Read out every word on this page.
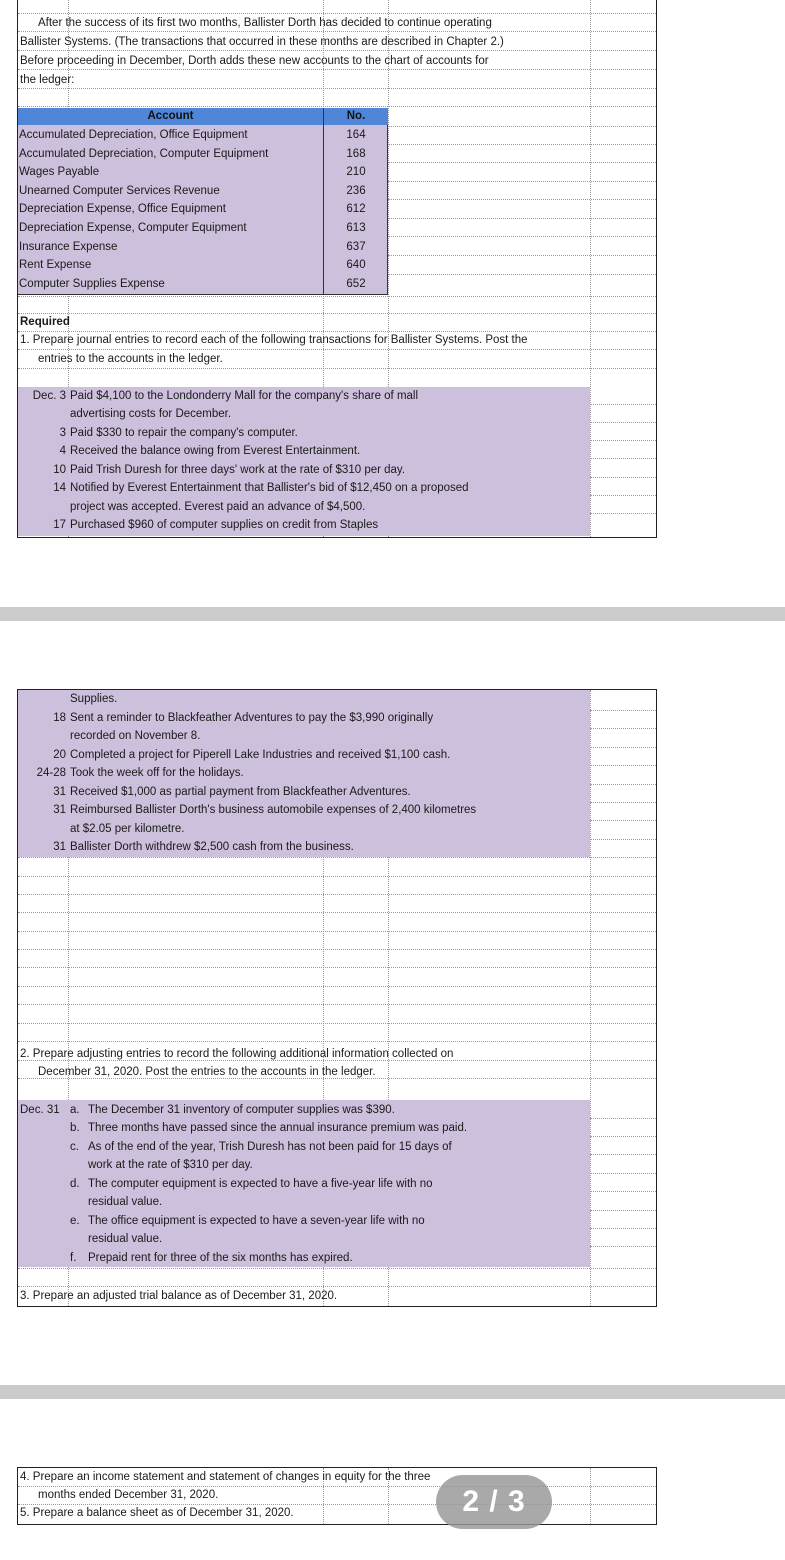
After the success of its first two months, Ballister Dorth has decided to continue operating
Ballister Systems. (The transactions that occurred in these months are described in Chapter 2.)
Before proceeding in December, Dorth adds these new accounts to the chart of accounts for
the ledger:
Account	No.
Accumulated Depreciation, Office Equipment	164
Accumulated Depreciation, Computer Equipment	168
Wages Payable	210
Unearned Computer Services Revenue	236
Depreciation Expense, Office Equipment	612
Depreciation Expense, Computer Equipment	613
Insurance Expense	637
Rent Expense	640
Computer Supplies Expense	652
Required
1. Prepare journal entries to record each of the following transactions for Ballister Systems. Post the
entries to the accounts in the ledger.
Dec. 3 Paid $4,100 to the Londonderry Mall for the company's share of mall
advertising costs for December.
3 Paid $330 to repair the company's computer.
4 Received the balance owing from Everest Entertainment.
10 Paid Trish Duresh for three days' work at the rate of $310 per day.
14 Notified by Everest Entertainment that Ballister's bid of $12,450 on a proposed
project was accepted. Everest paid an advance of $4,500.
17 Purchased $960 of computer supplies on credit from Staples
Supplies.
18 Sent a reminder to Blackfeather Adventures to pay the $3,990 originally
recorded on November 8.
20 Completed a project for Piperell Lake Industries and received $1,100 cash.
24-28 Took the week off for the holidays.
31 Received $1,000 as partial payment from Blackfeather Adventures.
31 Reimbursed Ballister Dorth's business automobile expenses of 2,400 kilometres
at $2.05 per kilometre.
31 Ballister Dorth withdrew $2,500 cash from the business.
2. Prepare adjusting entries to record the following additional information collected on
December 31, 2020. Post the entries to the accounts in the ledger.
Dec. 31 a. The December 31 inventory of computer supplies was $390.
b. Three months have passed since the annual insurance premium was paid.
c. As of the end of the year, Trish Duresh has not been paid for 15 days of
work at the rate of $310 per day.
d. The computer equipment is expected to have a five-year life with no
residual value.
e. The office equipment is expected to have a seven-year life with no
residual value.
f. Prepaid rent for three of the six months has expired.
3. Prepare an adjusted trial balance as of December 31, 2020.
4. Prepare an income statement and statement of changes in equity for the three
months ended December 31, 2020.
5. Prepare a balance sheet as of December 31, 2020.	2 / 3
